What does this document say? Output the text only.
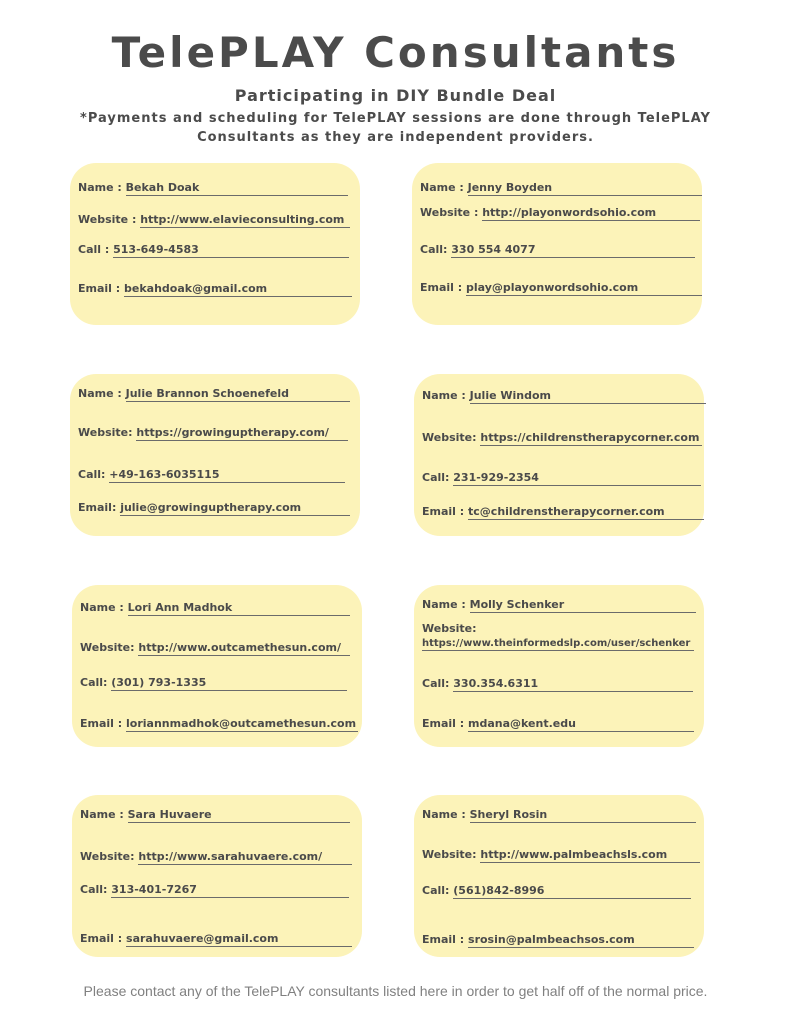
TelePLAY Consultants
Participating in DIY Bundle Deal
*Payments and scheduling for TelePLAY sessions are done through TelePLAY
Consultants as they are independent providers.
Name : Bekah Doak
Website : http://www.elavieconsulting.com
Call : 513-649-4583
Email : bekahdoak@gmail.com
Name : Jenny Boyden
Website : http://playonwordsohio.com
Call: 330 554 4077
Email : play@playonwordsohio.com
Name : Julie Brannon Schoenefeld
Website: https://growinguptherapy.com/
Call: +49-163-6035115
Email: julie@growinguptherapy.com
Name : Julie Windom
Website: https://childrenstherapycorner.com
Call: 231-929-2354
Email : tc@childrenstherapycorner.com
Name : Lori Ann Madhok
Website: http://www.outcamethesun.com/
Call: (301) 793-1335
Email : loriannmadhok@outcamethesun.com
Name : Molly Schenker
Website:
https://www.theinformedslp.com/user/schenker
Call: 330.354.6311
Email : mdana@kent.edu
Name : Sara Huvaere
Website: http://www.sarahuvaere.com/
Call: 313-401-7267
Email : sarahuvaere@gmail.com
Name : Sheryl Rosin
Website: http://www.palmbeachsls.com
Call: (561)842-8996
Email : srosin@palmbeachsos.com
Please contact any of the TelePLAY consultants listed here in order to get half off of the normal price.
